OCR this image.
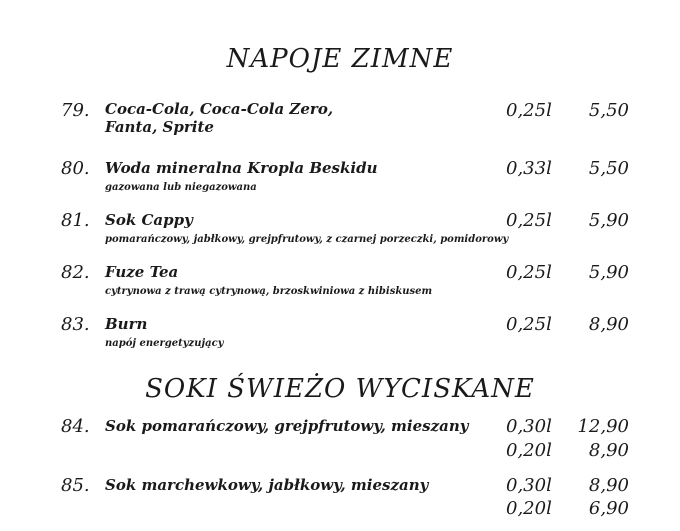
NAPOJE ZIMNE
79. Coca-Cola, Coca-Cola Zero,
Fanta, Sprite
0,25l 5,50
80. Woda mineralna Kropla Beskidu
gazowana lub niegazowana
0,33l 5,50
81. Sok Cappy
pomarańczowy, jabłkowy, grejpfrutowy, z czarnej porzeczki, pomidorowy
0,25l 5,90
82. Fuze Tea
cytrynowa z trawą cytrynową, brzoskwiniowa z hibiskusem
0,25l 5,90
83. Burn
napój energetyzujący
0,25l 8,90
SOKI ŚWIEŻO WYCISKANE
84. Sok pomarańczowy, grejpfrutowy, mieszany 0,30l 12,90
0,20l 8,90
85. Sok marchewkowy, jabłkowy, mieszany	0,30l 8,90
0,20l 6,90
